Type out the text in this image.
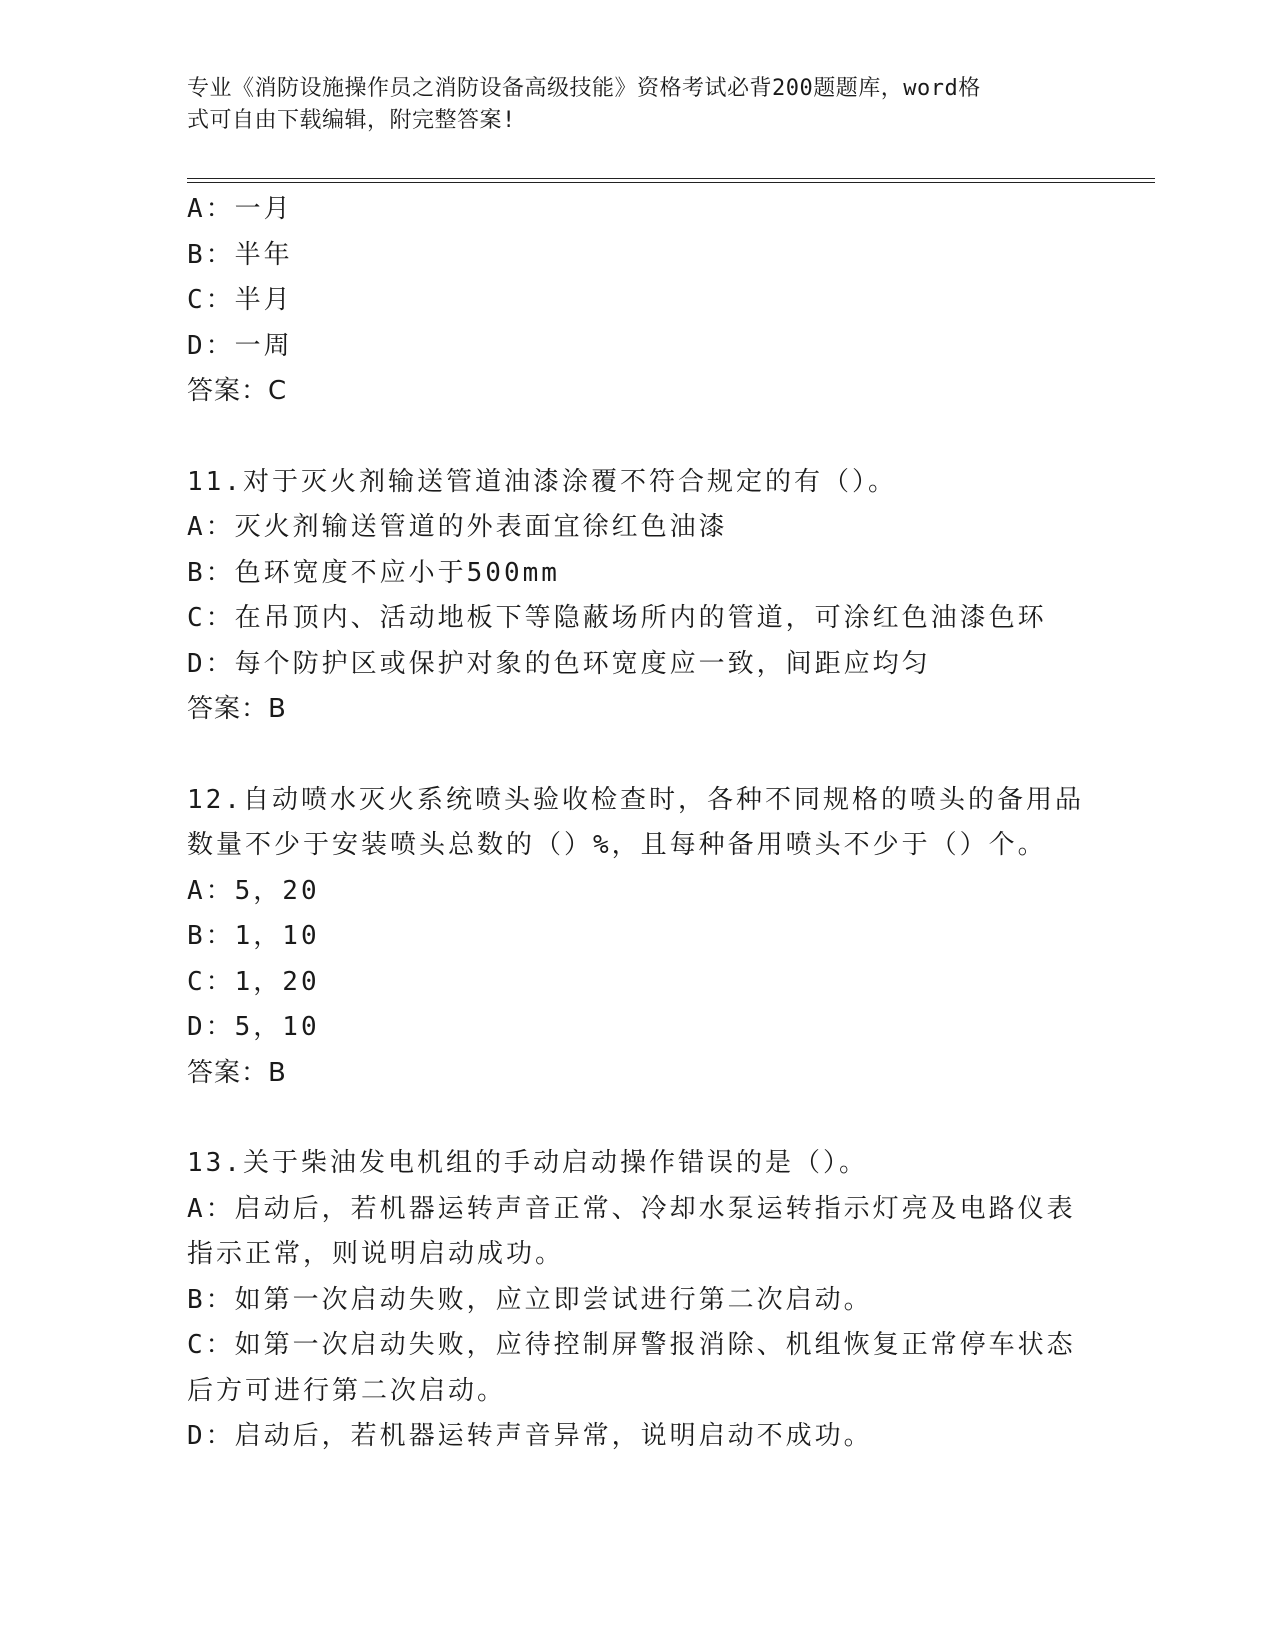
专业《消防设施操作员之消防设备高级技能》资格考试必背200题题库，word格
式可自由下载编辑，附完整答案!
A：一月
B：半年
C：半月
D：一周
答案：C
11.对于灭火剂输送管道油漆涂覆不符合规定的有（）。
A：灭火剂输送管道的外表面宜徐红色油漆
B：色环宽度不应小于500mm
C：在吊顶内、活动地板下等隐蔽场所内的管道，可涂红色油漆色环
D：每个防护区或保护对象的色环宽度应一致，间距应均匀
答案：B
12.自动喷水灭火系统喷头验收检查时，各种不同规格的喷头的备用品
数量不少于安装喷头总数的（）%，且每种备用喷头不少于（）个。
A：5，20
B：1，10
C：1，20
D：5，10
答案：B
13.关于柴油发电机组的手动启动操作错误的是（）。
A：启动后，若机器运转声音正常、冷却水泵运转指示灯亮及电路仪表
指示正常，则说明启动成功。
B：如第一次启动失败，应立即尝试进行第二次启动。
C：如第一次启动失败，应待控制屏警报消除、机组恢复正常停车状态
后方可进行第二次启动。
D：启动后，若机器运转声音异常，说明启动不成功。
